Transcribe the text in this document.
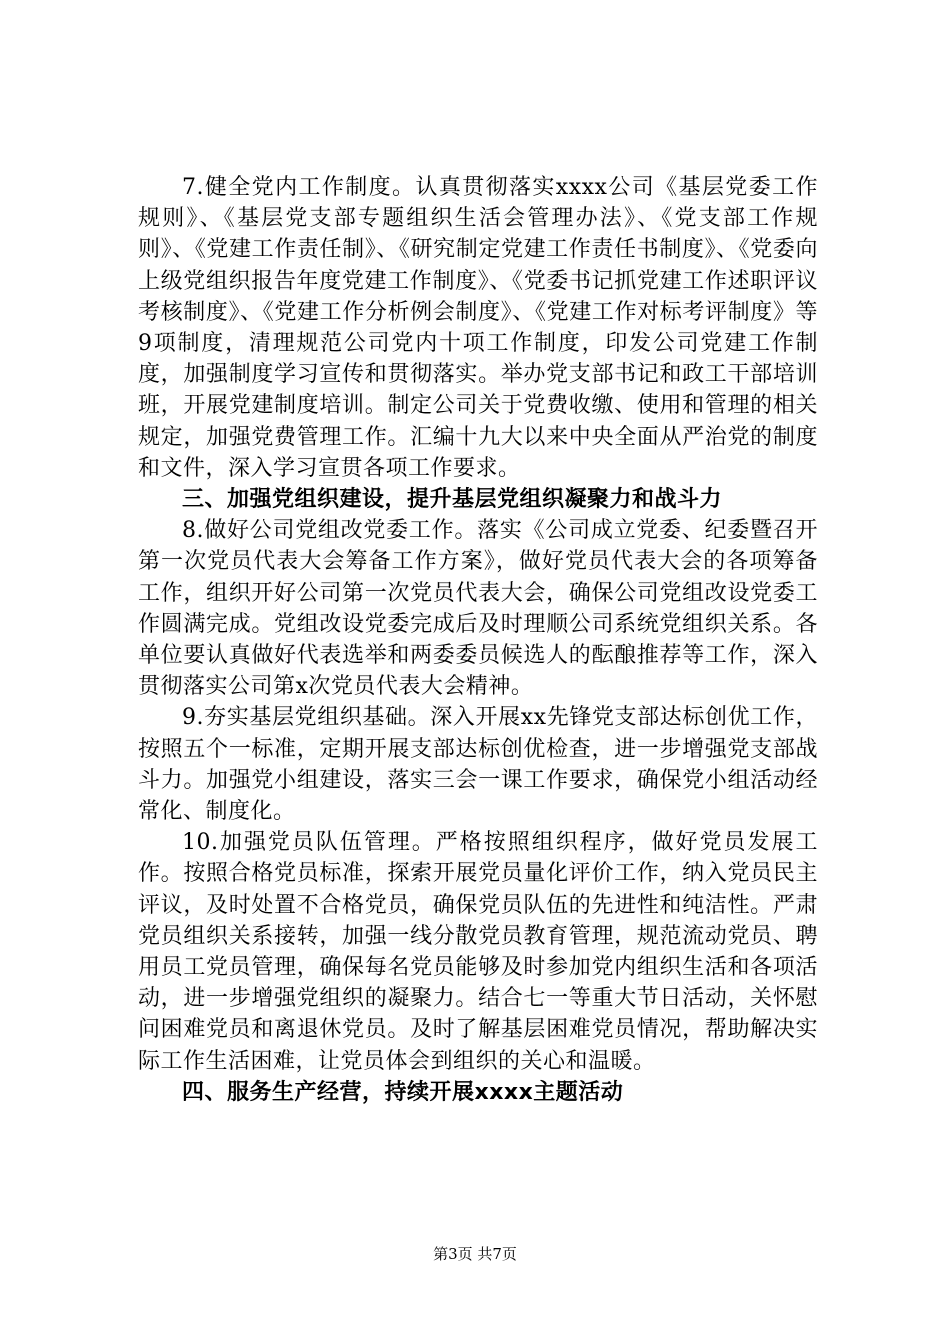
7.健全党内工作制度。认真贯彻落实xxxx公司《基层党委工作规则》、《基层党支部专题组织生活会管理办法》、《党支部工作规则》、《党建工作责任制》、《研究制定党建工作责任书制度》、《党委向上级党组织报告年度党建工作制度》、《党委书记抓党建工作述职评议考核制度》、《党建工作分析例会制度》、《党建工作对标考评制度》等9项制度，清理规范公司党内十项工作制度，印发公司党建工作制度，加强制度学习宣传和贯彻落实。举办党支部书记和政工干部培训班，开展党建制度培训。制定公司关于党费收缴、使用和管理的相关规定，加强党费管理工作。汇编十九大以来中央全面从严治党的制度和文件，深入学习宣贯各项工作要求。

三、加强党组织建设，提升基层党组织凝聚力和战斗力

8.做好公司党组改党委工作。落实《公司成立党委、纪委暨召开第一次党员代表大会筹备工作方案》，做好党员代表大会的各项筹备工作，组织开好公司第一次党员代表大会，确保公司党组改设党委工作圆满完成。党组改设党委完成后及时理顺公司系统党组织关系。各单位要认真做好代表选举和两委委员候选人的酝酿推荐等工作，深入贯彻落实公司第x次党员代表大会精神。

9.夯实基层党组织基础。深入开展xx先锋党支部达标创优工作，按照五个一标准，定期开展支部达标创优检查，进一步增强党支部战斗力。加强党小组建设，落实三会一课工作要求，确保党小组活动经常化、制度化。

10.加强党员队伍管理。严格按照组织程序，做好党员发展工作。按照合格党员标准，探索开展党员量化评价工作，纳入党员民主评议，及时处置不合格党员，确保党员队伍的先进性和纯洁性。严肃党员组织关系接转，加强一线分散党员教育管理，规范流动党员、聘用员工党员管理，确保每名党员能够及时参加党内组织生活和各项活动，进一步增强党组织的凝聚力。结合七一等重大节日活动，关怀慰问困难党员和离退休党员。及时了解基层困难党员情况，帮助解决实际工作生活困难，让党员体会到组织的关心和温暖。

四、服务生产经营，持续开展xxxx主题活动

第3页 共7页
